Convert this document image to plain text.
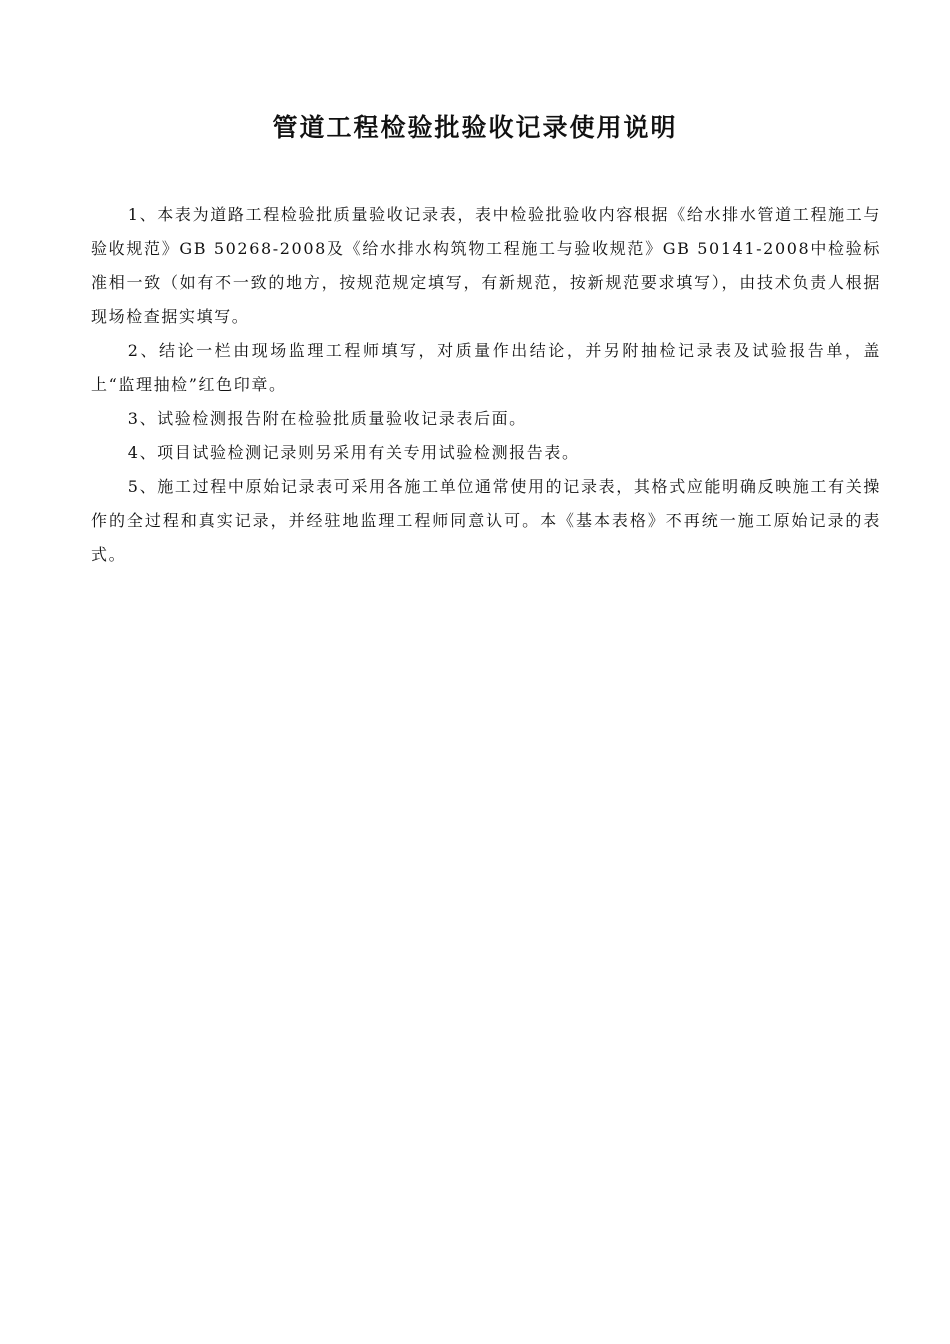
管道工程检验批验收记录使用说明

1、本表为道路工程检验批质量验收记录表，表中检验批验收内容根据《给水排水管道工程施工与验收规范》GB 50268-2008及《给水排水构筑物工程施工与验收规范》GB 50141-2008中检验标准相一致（如有不一致的地方，按规范规定填写，有新规范，按新规范要求填写），由技术负责人根据现场检查据实填写。

2、结论一栏由现场监理工程师填写，对质量作出结论，并另附抽检记录表及试验报告单，盖上“监理抽检”红色印章。

3、试验检测报告附在检验批质量验收记录表后面。

4、项目试验检测记录则另采用有关专用试验检测报告表。

5、施工过程中原始记录表可采用各施工单位通常使用的记录表，其格式应能明确反映施工有关操作的全过程和真实记录，并经驻地监理工程师同意认可。本《基本表格》不再统一施工原始记录的表式。
